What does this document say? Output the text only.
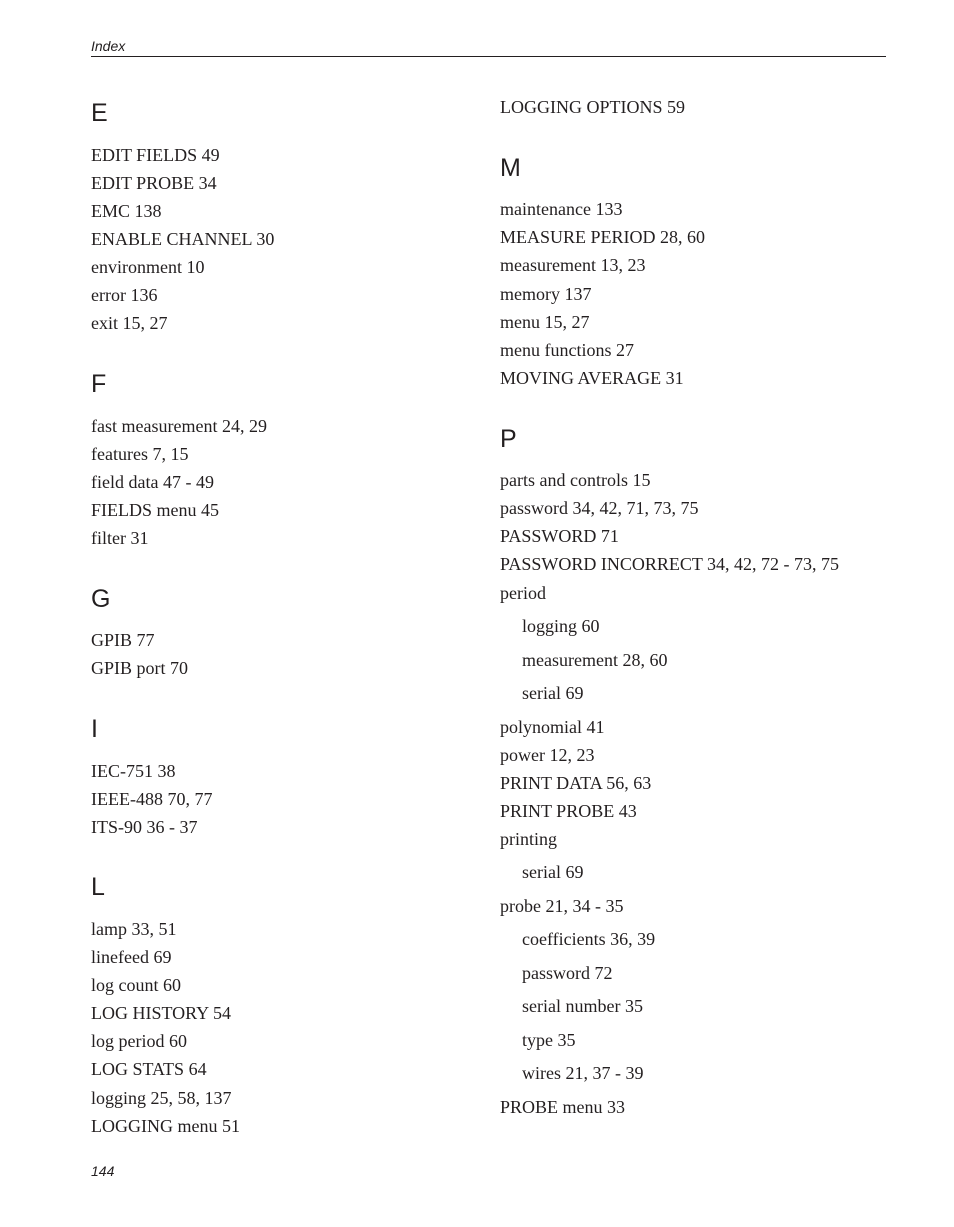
Index
E
EDIT FIELDS 49
EDIT PROBE 34
EMC 138
ENABLE CHANNEL 30
environment 10
error 136
exit 15, 27
F
fast measurement 24, 29
features 7, 15
field data 47 - 49
FIELDS menu 45
filter 31
G
GPIB 77
GPIB port 70
I
IEC-751 38
IEEE-488 70, 77
ITS-90 36 - 37
L
lamp 33, 51
linefeed 69
log count 60
LOG HISTORY 54
log period 60
LOG STATS 64
logging 25, 58, 137
LOGGING menu 51
LOGGING OPTIONS 59
M
maintenance 133
MEASURE PERIOD 28, 60
measurement 13, 23
memory 137
menu 15, 27
menu functions 27
MOVING AVERAGE 31
P
parts and controls 15
password 34, 42, 71, 73, 75
PASSWORD 71
PASSWORD INCORRECT 34, 42, 72 - 73, 75
period
logging 60
measurement 28, 60
serial 69
polynomial 41
power 12, 23
PRINT DATA 56, 63
PRINT PROBE 43
printing
serial 69
probe 21, 34 - 35
coefficients 36, 39
password 72
serial number 35
type 35
wires 21, 37 - 39
PROBE menu 33
144
